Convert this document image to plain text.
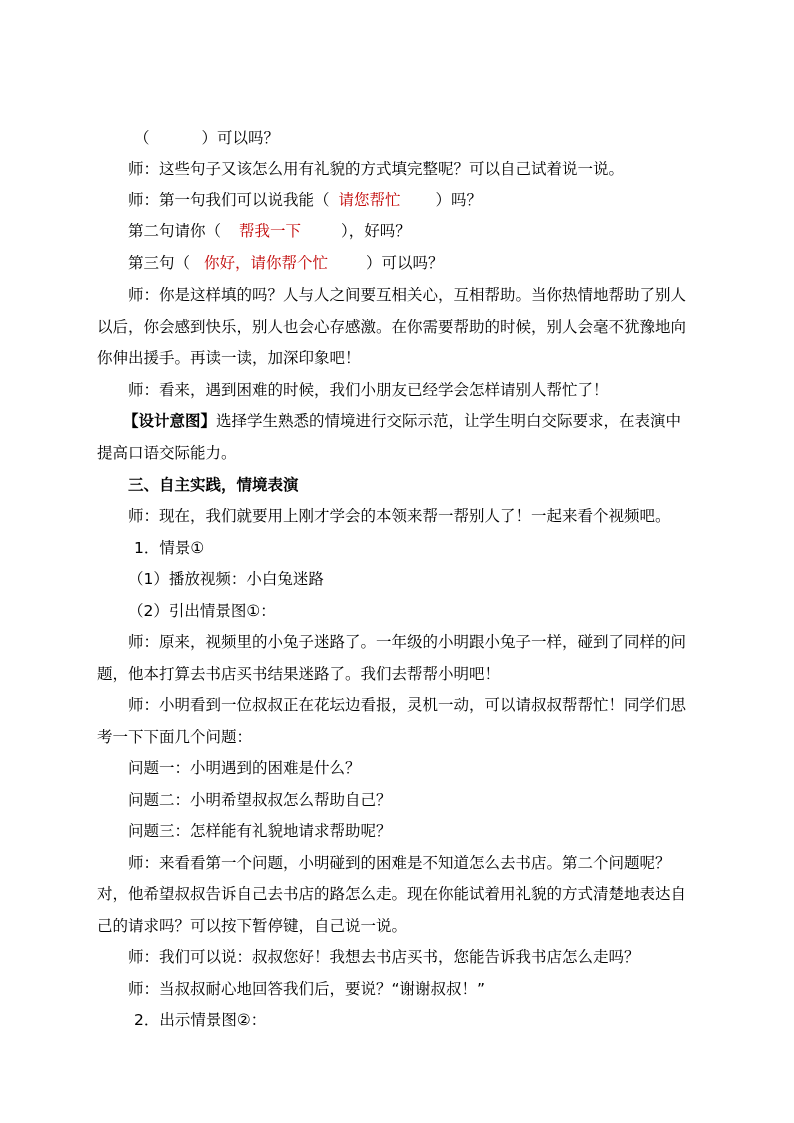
（	）可以吗？
师：这些句子又该怎么用有礼貌的方式填完整呢？可以自己试着说一说。
师：第一句我们可以说我能（ 请您帮忙 ）吗？
第二句请你（ 帮我一下	），好吗？
第三句（ 你好，请你帮个忙 ）可以吗？
师：你是这样填的吗？人与人之间要互相关心，互相帮助。当你热情地帮助了别人
以后，你会感到快乐，别人也会心存感激。在你需要帮助的时候，别人会毫不犹豫地向
你伸出援手。再读一读，加深印象吧！
师：看来，遇到困难的时候，我们小朋友已经学会怎样请别人帮忙了！
【设计意图】选择学生熟悉的情境进行交际示范，让学生明白交际要求，在表演中
提高口语交际能力。
三、自主实践，情境表演
师：现在，我们就要用上刚才学会的本领来帮一帮别人了！一起来看个视频吧。
1．情景①
（1）播放视频：小白兔迷路
（2）引出情景图①：
师：原来，视频里的小兔子迷路了。一年级的小明跟小兔子一样，碰到了同样的问
题，他本打算去书店买书结果迷路了。我们去帮帮小明吧！
师：小明看到一位叔叔正在花坛边看报，灵机一动，可以请叔叔帮帮忙！同学们思
考一下下面几个问题：
问题一：小明遇到的困难是什么？
问题二：小明希望叔叔怎么帮助自己？
问题三：怎样能有礼貌地请求帮助呢？
师：来看看第一个问题，小明碰到的困难是不知道怎么去书店。第二个问题呢？
对，他希望叔叔告诉自己去书店的路怎么走。现在你能试着用礼貌的方式清楚地表达自
己的请求吗？可以按下暂停键，自己说一说。
师：我们可以说：叔叔您好！我想去书店买书，您能告诉我书店怎么走吗？
师：当叔叔耐心地回答我们后，要说？“谢谢叔叔！”
2．出示情景图②：
